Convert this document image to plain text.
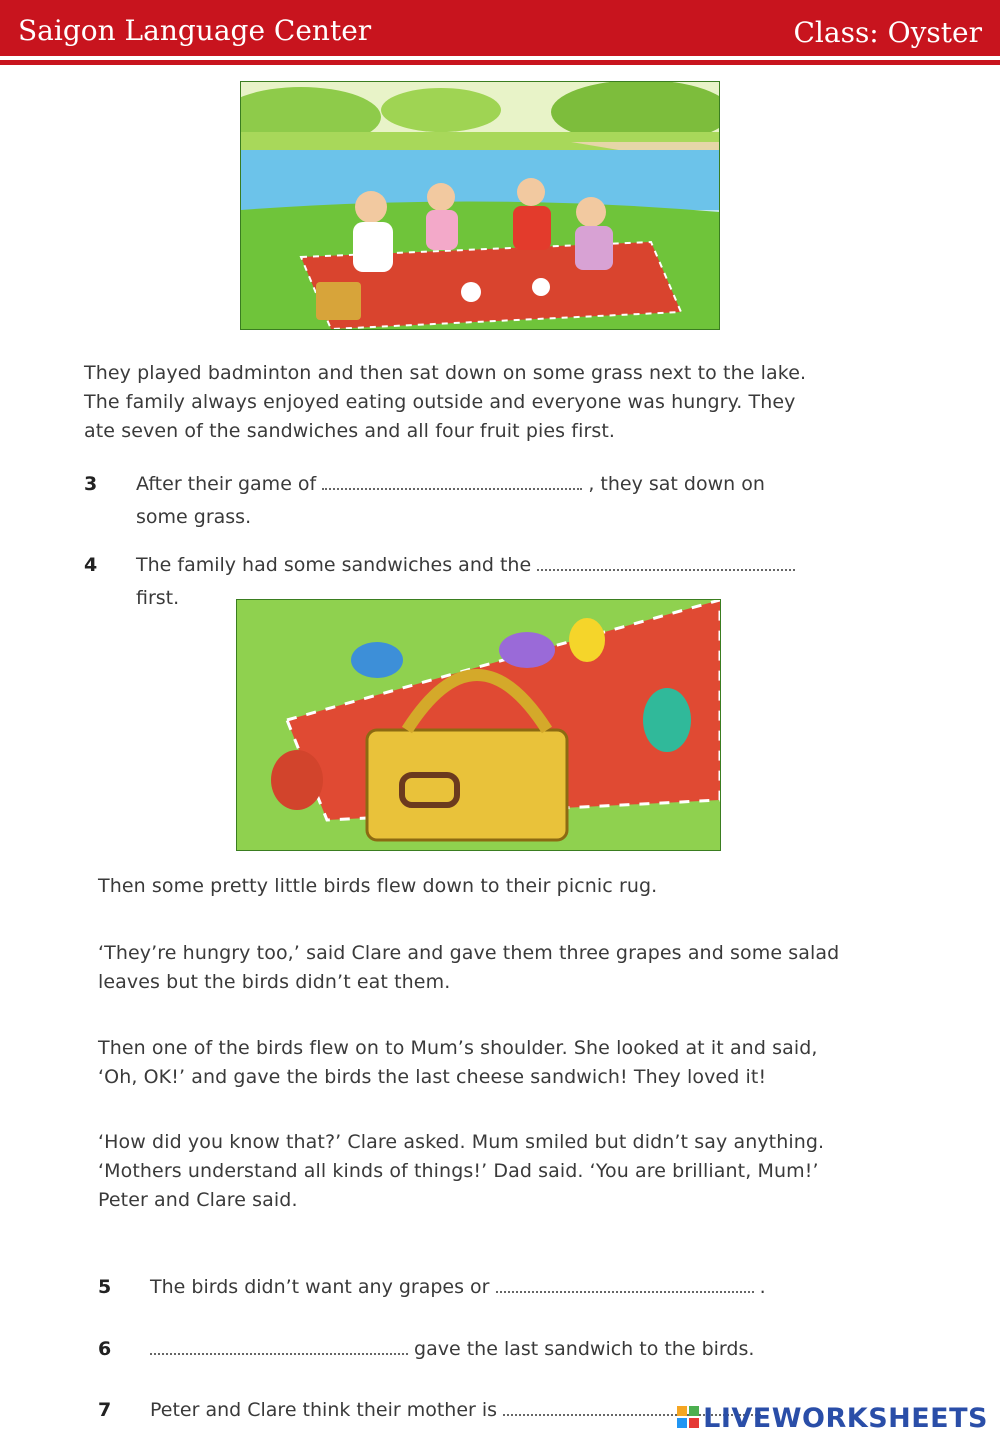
Saigon Language Center	Class: Oyster
They played badminton and then sat down on some grass next to the lake.
The family always enjoyed eating outside and everyone was hungry. They
ate seven of the sandwiches and all four fruit pies first.
3 After their game of	, they sat down on
some grass.
4 The family had some sandwiches and the
first.
Then some pretty little birds flew down to their picnic rug.
‘They’re hungry too,’ said Clare and gave them three grapes and some salad
leaves but the birds didn’t eat them.
Then one of the birds flew on to Mum’s shoulder. She looked at it and said,
‘Oh, OK!’ and gave the birds the last cheese sandwich! They loved it!
‘How did you know that?’ Clare asked. Mum smiled but didn’t say anything.
‘Mothers understand all kinds of things!’ Dad said. ‘You are brilliant, Mum!’
Peter and Clare said.
5 The birds didn’t want any grapes or	.
6	gave the last sandwich to the birds.
7 Peter and Clare think their mother is	LIVEWORKSHEETS
